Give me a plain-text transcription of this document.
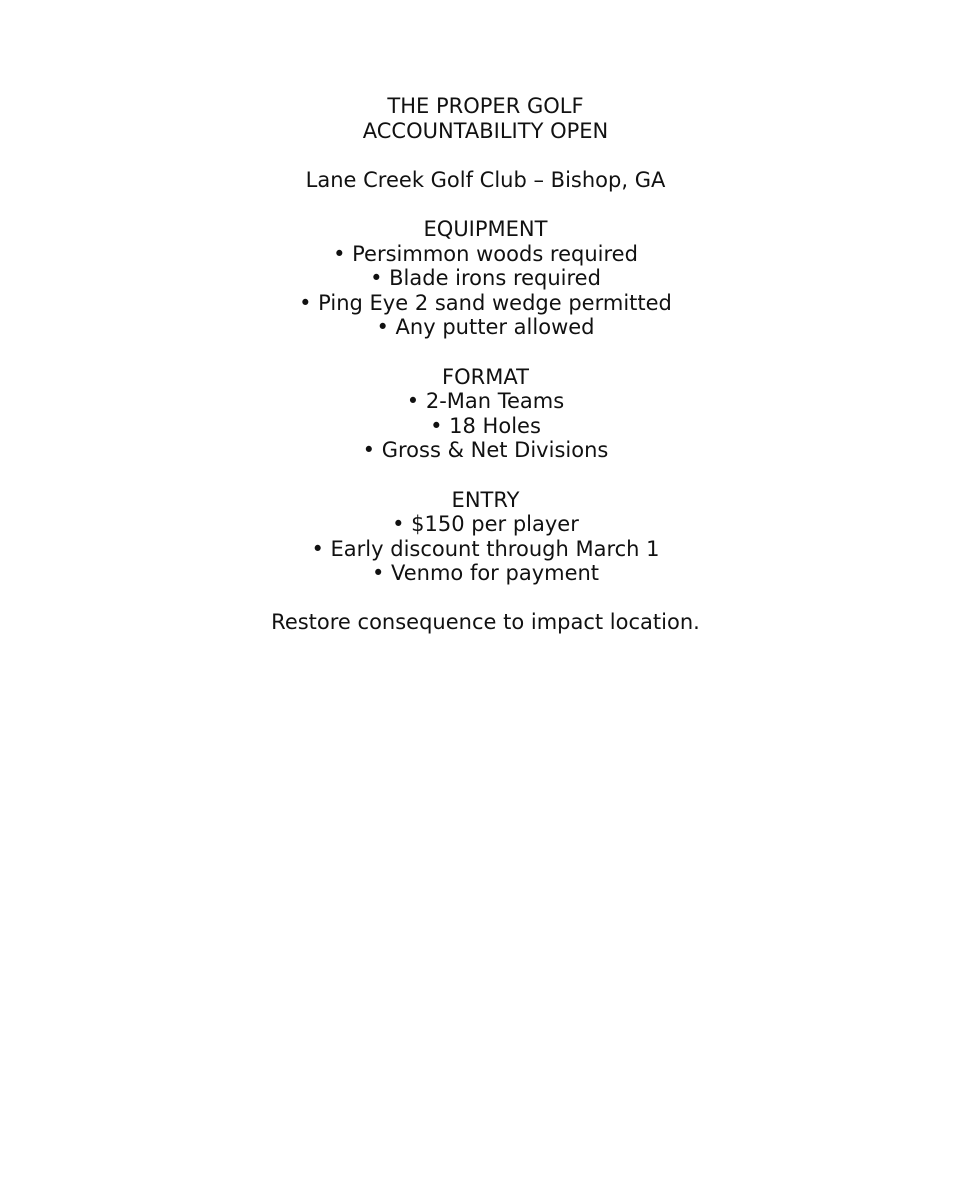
THE PROPER GOLF
ACCOUNTABILITY OPEN
Lane Creek Golf Club – Bishop, GA
EQUIPMENT
• Persimmon woods required
• Blade irons required
• Ping Eye 2 sand wedge permitted
• Any putter allowed
FORMAT
• 2-Man Teams
• 18 Holes
• Gross & Net Divisions
ENTRY
• $150 per player
• Early discount through March 1
• Venmo for payment
Restore consequence to impact location.
